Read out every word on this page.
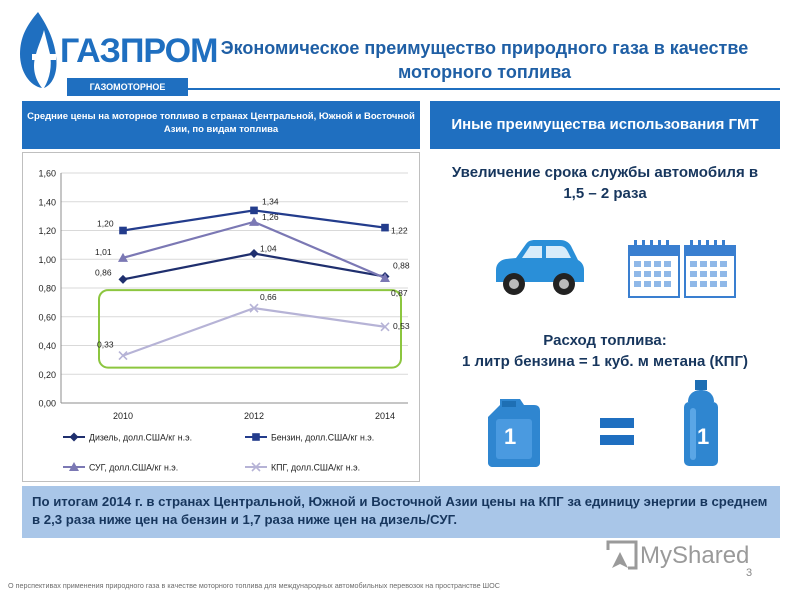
ГАЗПРОМ
ГАЗОМОТОРНОЕ
Экономическое преимущество природного газа в качестве моторного топлива
Средние цены на моторное топливо в странах Центральной, Южной и Восточной Азии, по видам топлива	Иные преимущества использования ГМТ
0,00
0,20
0,40
0,60
0,80
1,00
1,20
1,40
1,60
2010	2012	2014
0,86
1,04
0,88
1,20
1,34
1,22
1,01
1,26
0,87
0,33
0,66
0,53
Дизель, долл.США/кг н.э.	Бензин, долл.США/кг н.э.
СУГ, долл.США/кг н.э.	КПГ, долл.США/кг н.э.
Увеличение срока службы автомобиля в 1,5 – 2 раза
Расход топлива:
1 литр бензина = 1 куб. м метана (КПГ)
1	1
По итогам 2014 г. в странах Центральной, Южной и Восточной Азии цены на КПГ за единицу энергии в среднем в 2,3 раза ниже цен на бензин и 1,7 раза ниже цен на дизель/СУГ.
MyShared
3
О перспективах применения природного газа в качестве моторного топлива для международных автомобильных перевозок на пространстве ШОС
